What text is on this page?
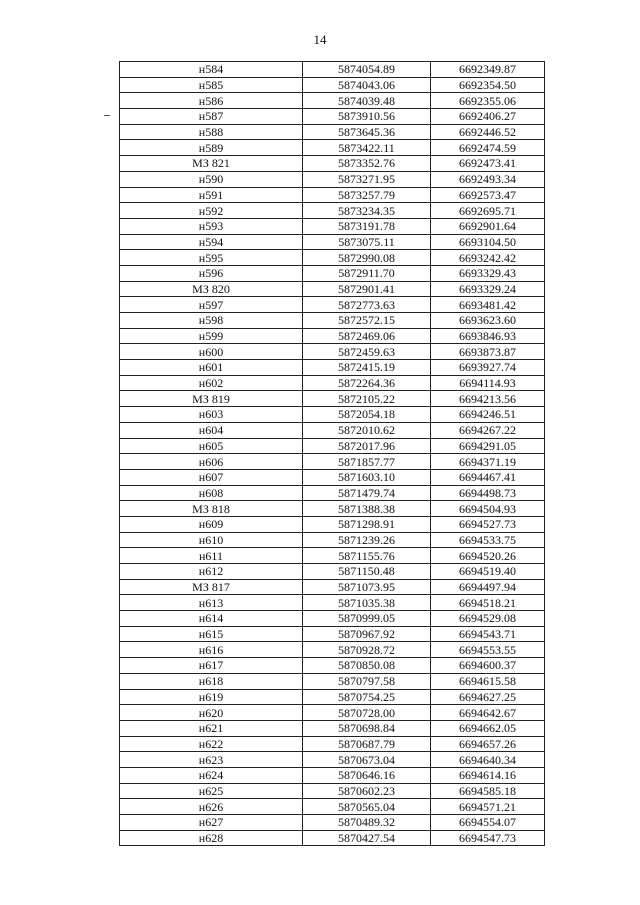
14
н584	5874054.89	6692349.87
н585	5874043.06	6692354.50
н586	5874039.48	6692355.06
н587	5873910.56	6692406.27
н588	5873645.36	6692446.52
н589	5873422.11	6692474.59
МЗ 821	5873352.76	6692473.41
н590	5873271.95	6692493.34
н591	5873257.79	6692573.47
н592	5873234.35	6692695.71
н593	5873191.78	6692901.64
н594	5873075.11	6693104.50
н595	5872990.08	6693242.42
н596	5872911.70	6693329.43
МЗ 820	5872901.41	6693329.24
н597	5872773.63	6693481.42
н598	5872572.15	6693623.60
н599	5872469.06	6693846.93
н600	5872459.63	6693873.87
н601	5872415.19	6693927.74
н602	5872264.36	6694114.93
МЗ 819	5872105.22	6694213.56
н603	5872054.18	6694246.51
н604	5872010.62	6694267.22
н605	5872017.96	6694291.05
н606	5871857.77	6694371.19
н607	5871603.10	6694467.41
н608	5871479.74	6694498.73
МЗ 818	5871388.38	6694504.93
н609	5871298.91	6694527.73
н610	5871239.26	6694533.75
н611	5871155.76	6694520.26
н612	5871150.48	6694519.40
МЗ 817	5871073.95	6694497.94
н613	5871035.38	6694518.21
н614	5870999.05	6694529.08
н615	5870967.92	6694543.71
н616	5870928.72	6694553.55
н617	5870850.08	6694600.37
н618	5870797.58	6694615.58
н619	5870754.25	6694627.25
н620	5870728.00	6694642.67
н621	5870698.84	6694662.05
н622	5870687.79	6694657.26
н623	5870673.04	6694640.34
н624	5870646.16	6694614.16
н625	5870602.23	6694585.18
н626	5870565.04	6694571.21
н627	5870489.32	6694554.07
н628	5870427.54	6694547.73
